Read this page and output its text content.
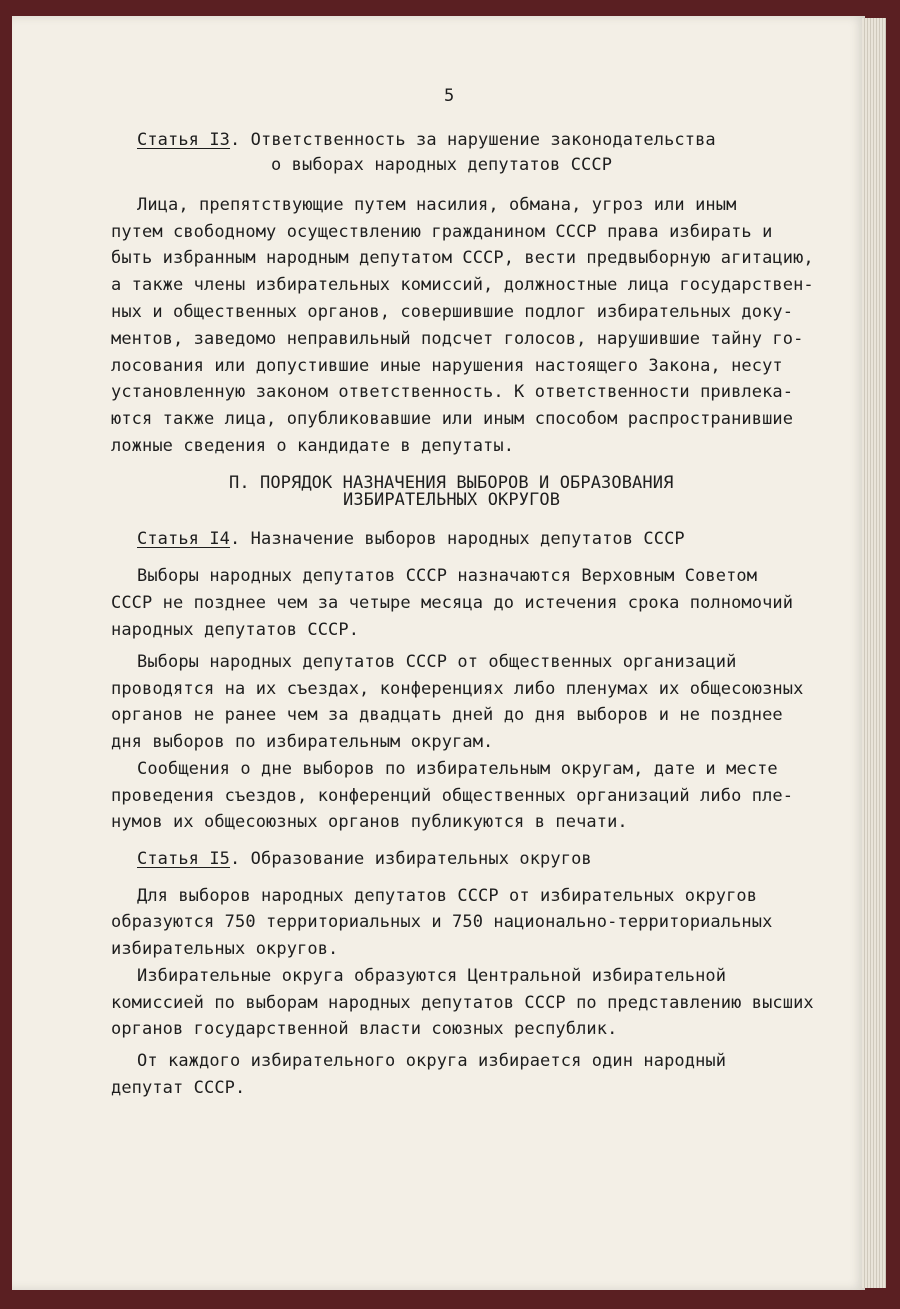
5
Статья I3. Ответственность за нарушение законодательства
о выборах народных депутатов СССР
Лица, препятствующие путем насилия, обмана, угроз или иным
путем свободному осуществлению гражданином СССР права избирать и
быть избранным народным депутатом СССР, вести предвыборную агитацию,
а также члены избирательных комиссий, должностные лица государствен-
ных и общественных органов, совершившие подлог избирательных доку-
ментов, заведомо неправильный подсчет голосов, нарушившие тайну го-
лосования или допустившие иные нарушения настоящего Закона, несут
установленную законом ответственность. К ответственности привлека-
ются также лица, опубликовавшие или иным способом распространившие
ложные сведения о кандидате в депутаты.
П. ПОРЯДОК НАЗНАЧЕНИЯ ВЫБОРОВ И ОБРАЗОВАНИЯ
ИЗБИРАТЕЛЬНЫХ ОКРУГОВ
Статья I4. Назначение выборов народных депутатов СССР
Выборы народных депутатов СССР назначаются Верховным Советом
СССР не позднее чем за четыре месяца до истечения срока полномочий
народных депутатов СССР.
Выборы народных депутатов СССР от общественных организаций
проводятся на их съездах, конференциях либо пленумах их общесоюзных
органов не ранее чем за двадцать дней до дня выборов и не позднее
дня выборов по избирательным округам.
Сообщения о дне выборов по избирательным округам, дате и месте
проведения съездов, конференций общественных организаций либо пле-
нумов их общесоюзных органов публикуются в печати.
Статья I5. Образование избирательных округов
Для выборов народных депутатов СССР от избирательных округов
образуются 750 территориальных и 750 национально-территориальных
избирательных округов.
Избирательные округа образуются Центральной избирательной
комиссией по выборам народных депутатов СССР по представлению высших
органов государственной власти союзных республик.
От каждого избирательного округа избирается один народный
депутат СССР.
